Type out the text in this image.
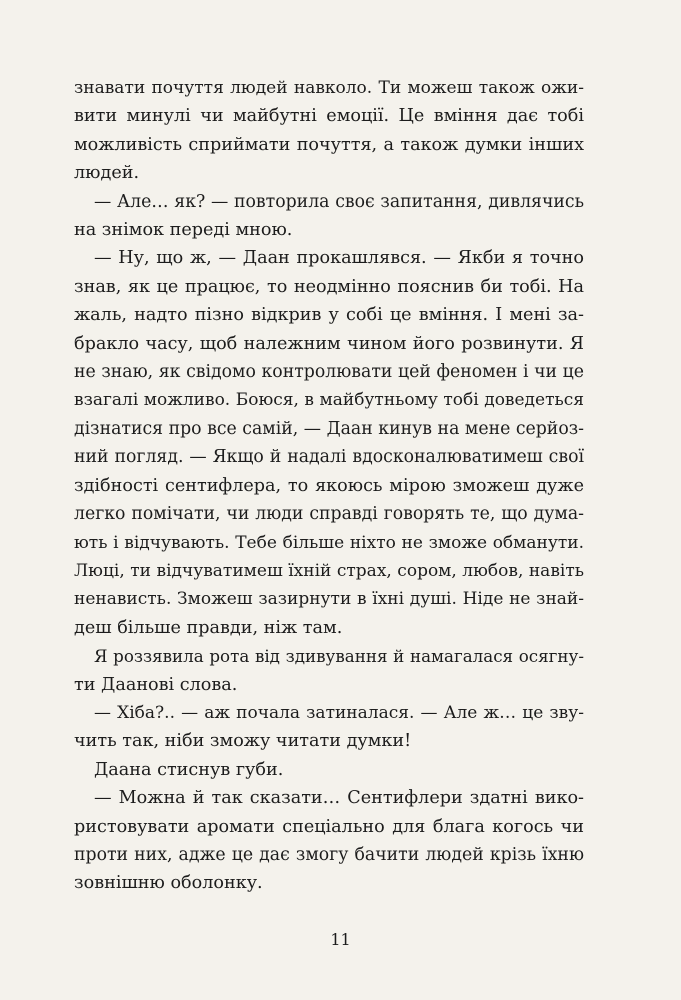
знавати почуття людей навколо. Ти можеш також ожи-
вити минулі чи майбутні емоції. Це вміння дає тобі
можливість сприймати почуття, а також думки інших
людей.

— Але… як? — повторила своє запитання, дивлячись
на знімок переді мною.

— Ну, що ж, — Даан прокашлявся. — Якби я точно
знав, як це працює, то неодмінно пояснив би тобі. На
жаль, надто пізно відкрив у собі це вміння. І мені за-
бракло часу, щоб належним чином його розвинути. Я
не знаю, як свідомо контролювати цей феномен і чи це
взагалі можливо. Боюся, в майбутньому тобі доведеться
дізнатися про все самій, — Даан кинув на мене серйоз-
ний погляд. — Якщо й надалі вдосконалюватимеш свої
здібності сентифлера, то якоюсь мірою зможеш дуже
легко помічати, чи люди справді говорять те, що дума-
ють і відчувають. Тебе більше ніхто не зможе обманути.
Люці, ти відчуватимеш їхній страх, сором, любов, навіть
ненависть. Зможеш зазирнути в їхні душі. Ніде не знай-
деш більше правди, ніж там.

Я роззявила рота від здивування й намагалася осягну-
ти Даанові слова.

— Хіба?.. — аж почала затиналася. — Але ж… це зву-
чить так, ніби зможу читати думки!

Даана стиснув губи.

— Можна й так сказати… Сентифлери здатні вико-
ристовувати аромати спеціально для блага когось чи
проти них, адже це дає змогу бачити людей крізь їхню
зовнішню оболонку.

11
